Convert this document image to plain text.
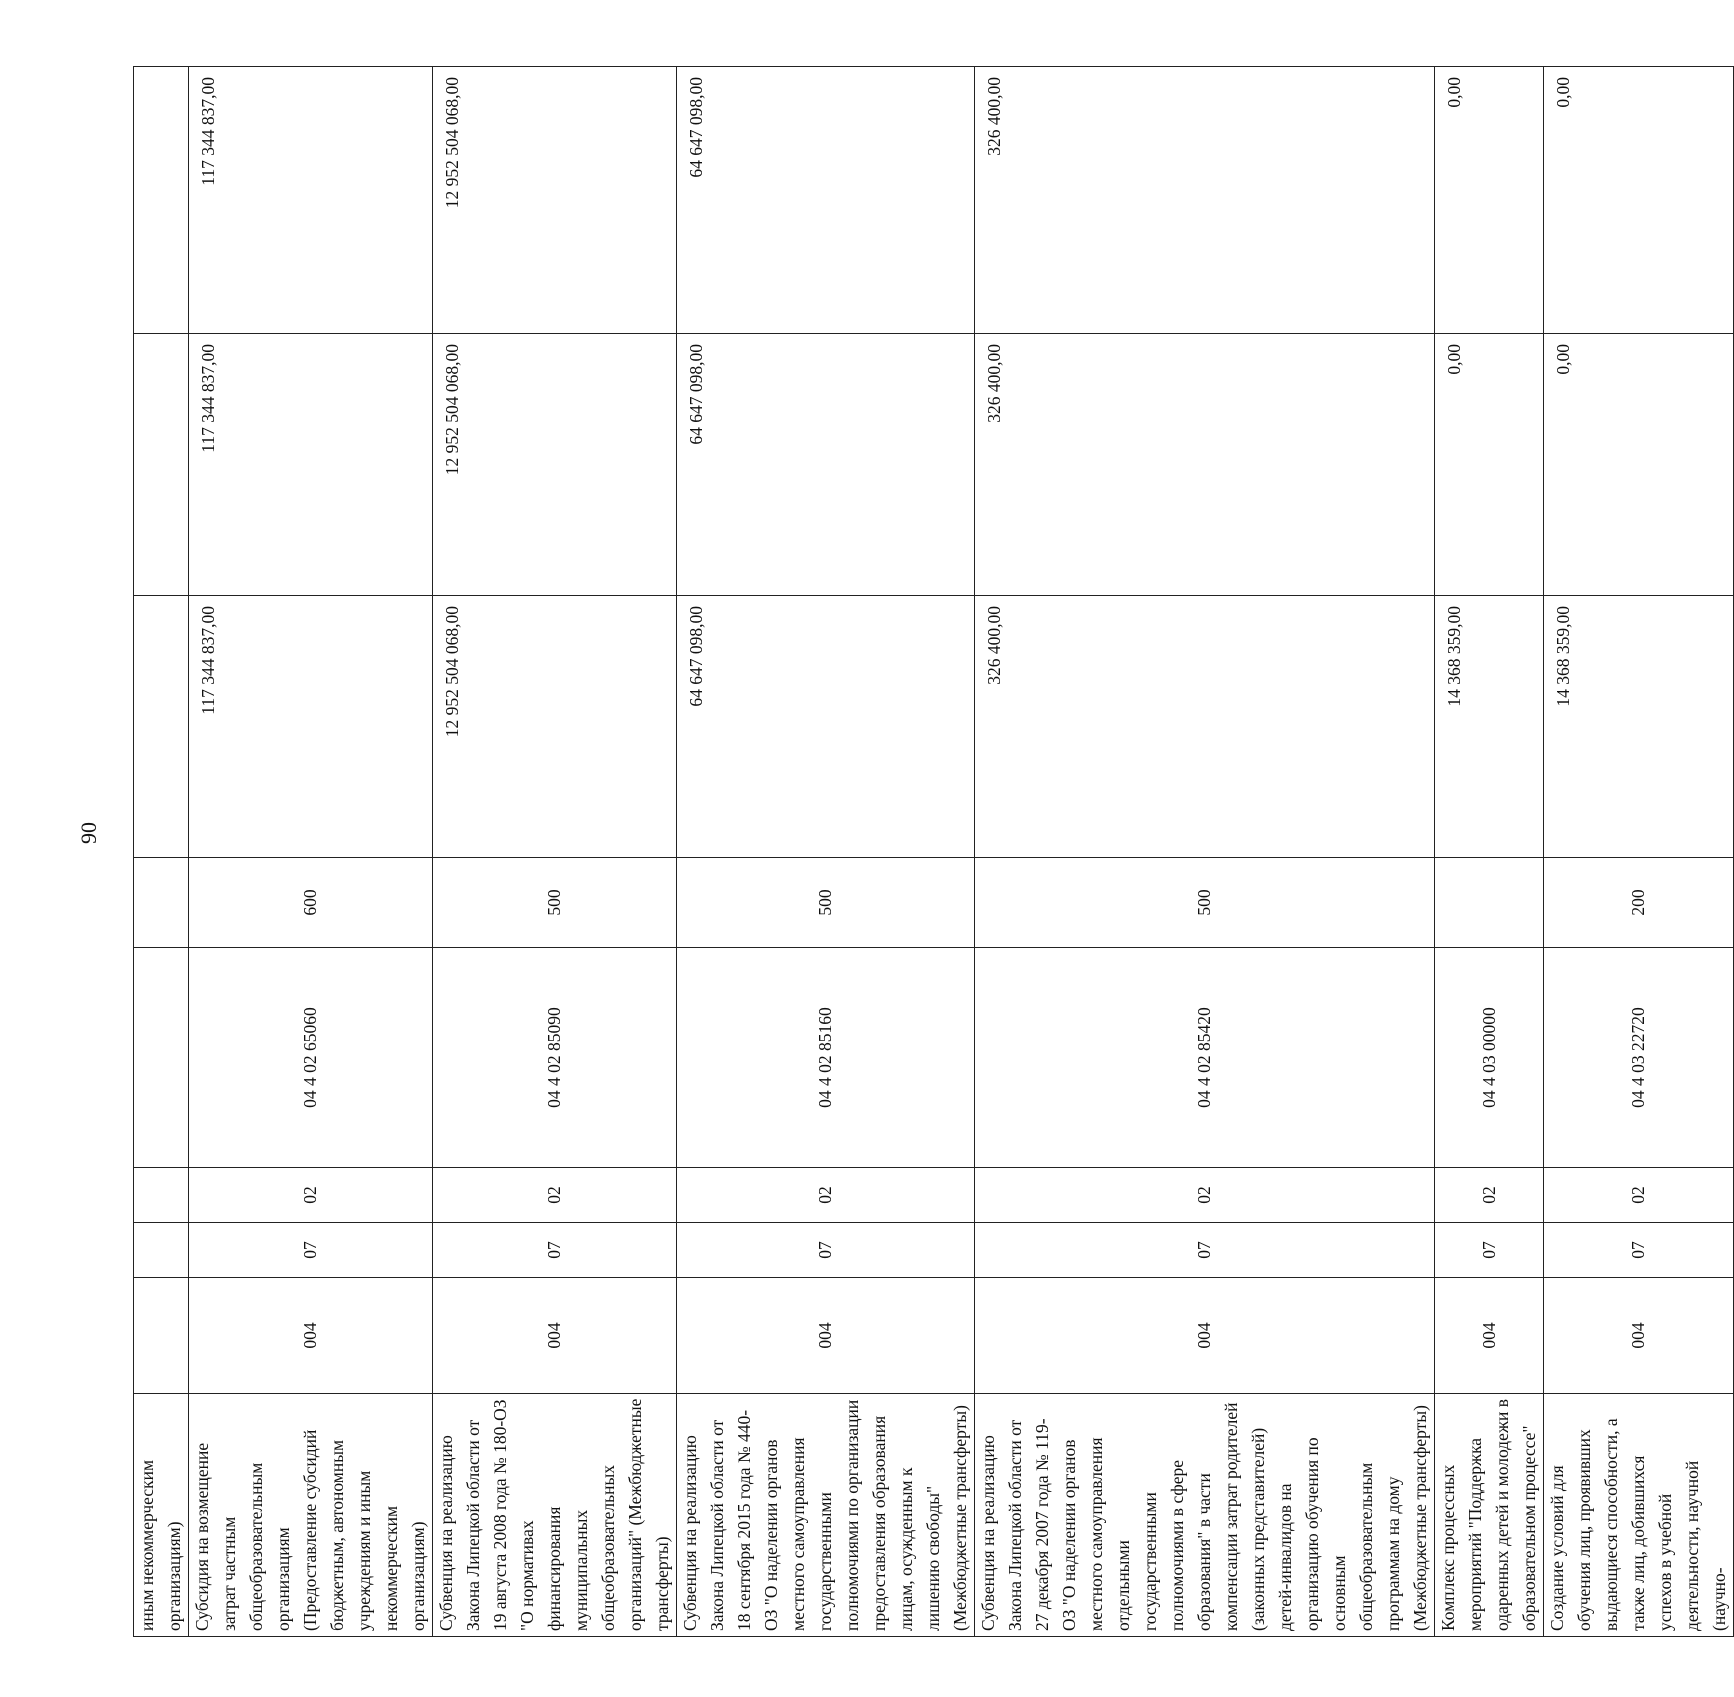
90
иным некоммерческим организациям)								
Субсидия на возмещение затрат частным общеобразовательным организациям (Предоставление субсидий бюджетным, автономным учреждениям и иным некоммерческим организациям)	004	07	02	04 4 02 65060	600	117 344 837,00	117 344 837,00	117 344 837,00
Субвенция на реализацию Закона Липецкой области от 19 августа 2008 года № 180-ОЗ "О нормативах финансирования муниципальных общеобразовательных организаций" (Межбюджетные трансферты)	004	07	02	04 4 02 85090	500	12 952 504 068,00	12 952 504 068,00	12 952 504 068,00
Субвенция на реализацию Закона Липецкой области от 18 сентября 2015 года № 440-ОЗ "О наделении органов местного самоуправления государственными полномочиями по организации предоставления образования лицам, осужденным к лишению свободы" (Межбюджетные трансферты)	004	07	02	04 4 02 85160	500	64 647 098,00	64 647 098,00	64 647 098,00
Субвенция на реализацию Закона Липецкой области от 27 декабря 2007 года № 119-ОЗ "О наделении органов местного самоуправления отдельными государственными полномочиями в сфере образования" в части компенсации затрат родителей (законных представителей) детей-инвалидов на организацию обучения по основным общеобразовательным программам на дому (Межбюджетные трансферты)	004	07	02	04 4 02 85420	500	326 400,00	326 400,00	326 400,00
Комплекс процессных мероприятий "Поддержка одаренных детей и молодежи в образовательном процессе"	004	07	02	04 4 03 00000		14 368 359,00	0,00	0,00
Создание условий для обучения лиц, проявивших выдающиеся способности, а также лиц, добившихся успехов в учебной деятельности, научной (научно-	004	07	02	04 4 03 22720	200	14 368 359,00	0,00	0,00
